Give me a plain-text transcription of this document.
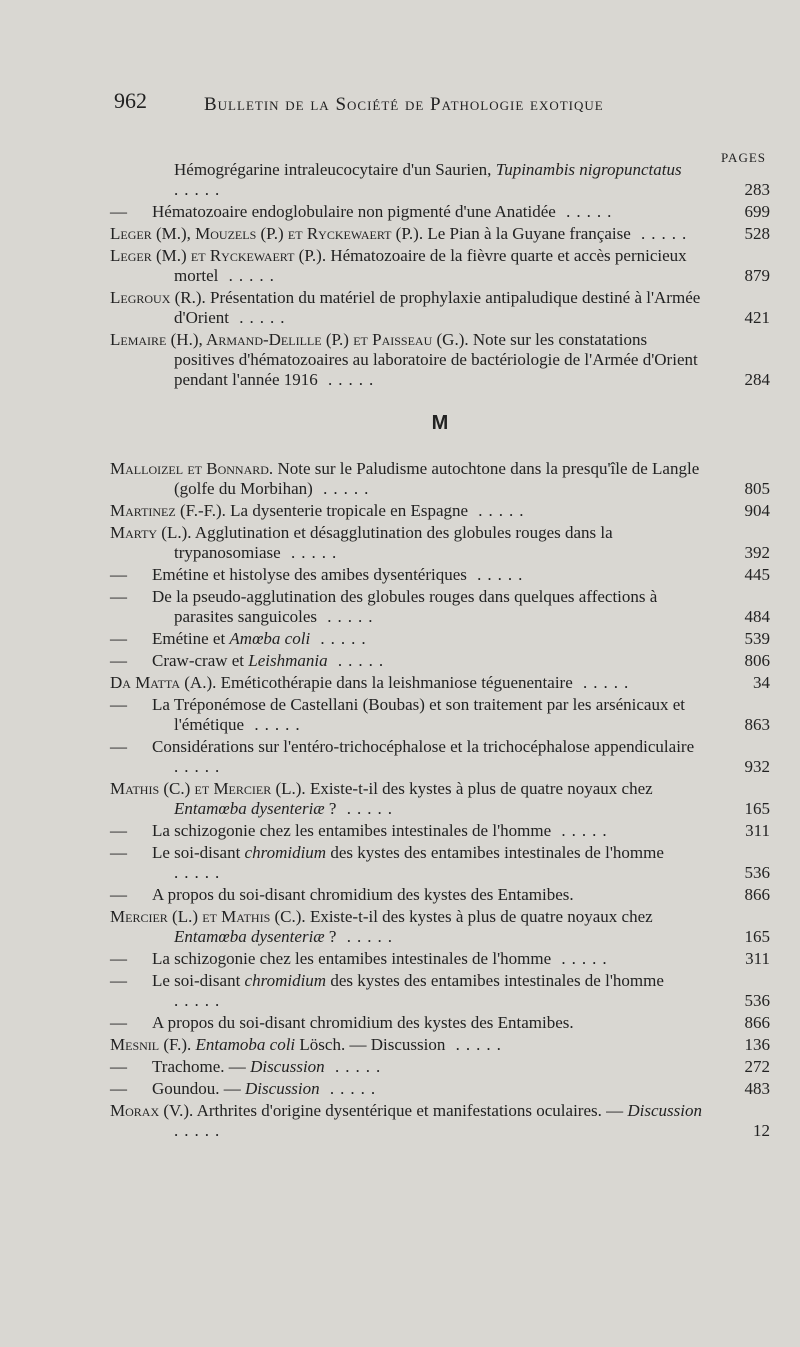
962	Bulletin de la Société de Pathologie exotique
PAGES
Hémogrégarine intraleucocytaire d'un Saurien, Tupinambis nigropunctatus .....	283
— Hématozoaire endoglobulaire non pigmenté d'une Anatidée .....	699
Leger (M.), Mouzels (P.) et Ryckewaert (P.). Le Pian à la Guyane française .....	528
Leger (M.) et Ryckewaert (P.). Hématozoaire de la fièvre quarte et accès pernicieux mortel .....	879
Legroux (R.). Présentation du matériel de prophylaxie antipaludique destiné à l'Armée d'Orient .....	421
Lemaire (H.), Armand-Delille (P.) et Paisseau (G.). Note sur les constatations positives d'hématozoaires au laboratoire de bactériologie de l'Armée d'Orient pendant l'année 1916 .....	284
M
Malloizel et Bonnard. Note sur le Paludisme autochtone dans la presqu'île de Langle (golfe du Morbihan) .....	805
Martinez (F.-F.). La dysenterie tropicale en Espagne .....	904
Marty (L.). Agglutination et désagglutination des globules rouges dans la trypanosomiase .....	392
— Emétine et histolyse des amibes dysentériques .....	445
— De la pseudo-agglutination des globules rouges dans quelques affections à parasites sanguicoles .....	484
— Emétine et Amœba coli .....	539
— Craw-craw et Leishmania .....	806
Da Matta (A.). Eméticothérapie dans la leishmaniose téguenentaire .....	34
— La Tréponémose de Castellani (Boubas) et son traitement par les arsénicaux et l'émétique .....	863
— Considérations sur l'entéro-trichocéphalose et la trichocéphalose appendiculaire .....	932
Mathis (C.) et Mercier (L.). Existe-t-il des kystes à plus de quatre noyaux chez Entamœba dysenteriæ ? .....	165
— La schizogonie chez les entamibes intestinales de l'homme .....	311
— Le soi-disant chromidium des kystes des entamibes intestinales de l'homme .....	536
— A propos du soi-disant chromidium des kystes des Entamibes.	866
Mercier (L.) et Mathis (C.). Existe-t-il des kystes à plus de quatre noyaux chez Entamœba dysenteriæ ? .....	165
— La schizogonie chez les entamibes intestinales de l'homme .....	311
— Le soi-disant chromidium des kystes des entamibes intestinales de l'homme .....	536
— A propos du soi-disant chromidium des kystes des Entamibes.	866
Mesnil (F.). Entamoba coli Lösch. — Discussion .....	136
— Trachome. — Discussion .....	272
— Goundou. — Discussion .....	483
Morax (V.). Arthrites d'origine dysentérique et manifestations oculaires. — Discussion .....	12
